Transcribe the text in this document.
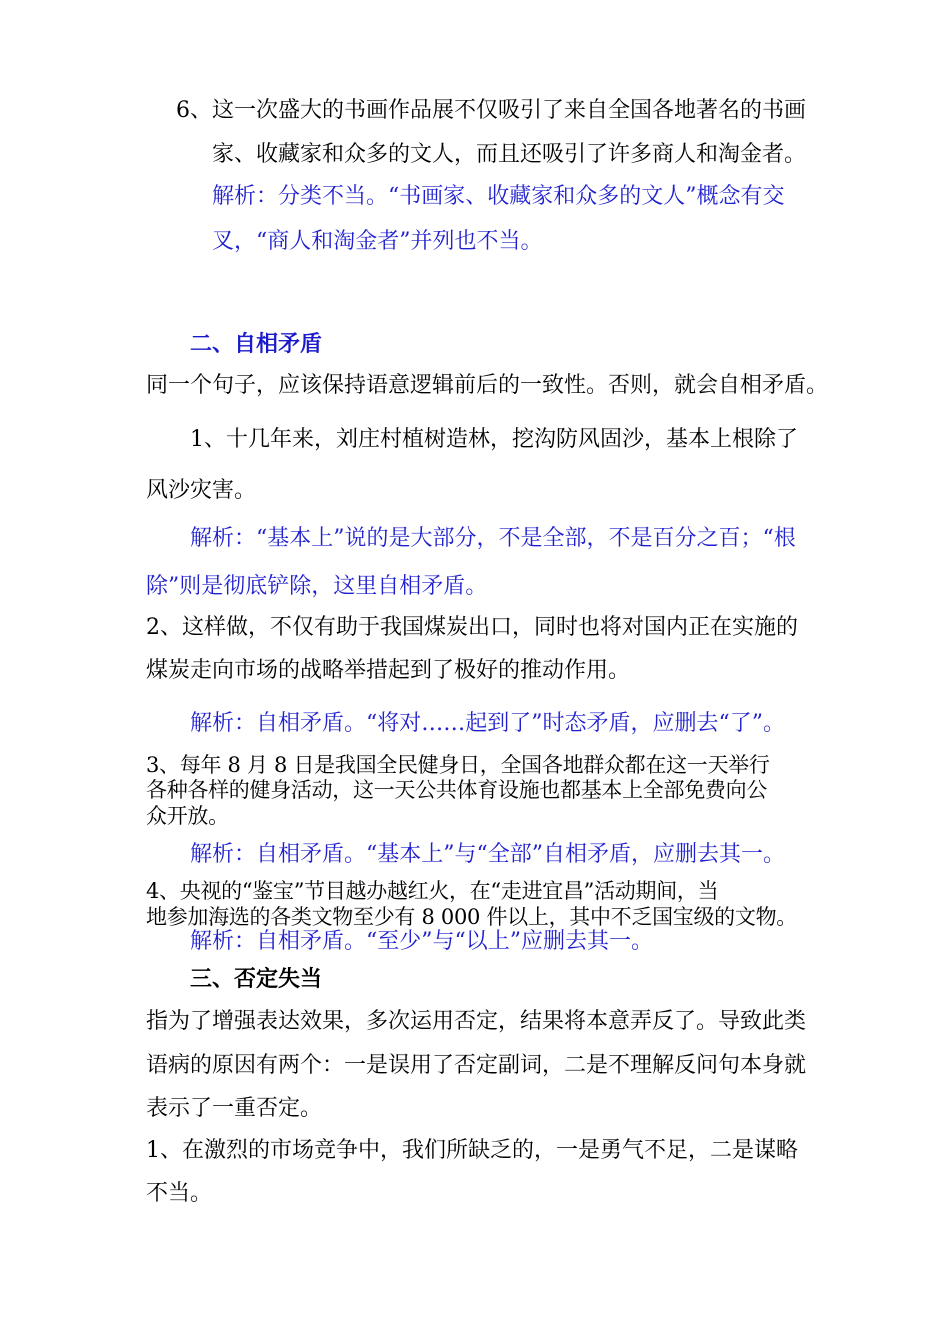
6、这一次盛大的书画作品展不仅吸引了来自全国各地著名的书画
家、收藏家和众多的文人，而且还吸引了许多商人和淘金者。
解析：分类不当。“书画家、收藏家和众多的文人”概念有交
叉，“商人和淘金者”并列也不当。
二、自相矛盾
同一个句子，应该保持语意逻辑前后的一致性。否则，就会自相矛盾。
1、十几年来，刘庄村植树造林，挖沟防风固沙，基本上根除了
风沙灾害。
解析：“基本上”说的是大部分，不是全部，不是百分之百；“根
除”则是彻底铲除，这里自相矛盾。
2、这样做，不仅有助于我国煤炭出口，同时也将对国内正在实施的
煤炭走向市场的战略举措起到了极好的推动作用。
解析：自相矛盾。“将对……起到了”时态矛盾，应删去“了”。
3、每年 8 月 8 日是我国全民健身日，全国各地群众都在这一天举行
各种各样的健身活动，这一天公共体育设施也都基本上全部免费向公
众开放。
解析：自相矛盾。“基本上”与“全部”自相矛盾，应删去其一。
4、央视的“鉴宝”节目越办越红火，在“走进宜昌”活动期间，当
地参加海选的各类文物至少有 8 000 件以上，其中不乏国宝级的文物。
解析：自相矛盾。“至少”与“以上”应删去其一。
三、否定失当
指为了增强表达效果，多次运用否定，结果将本意弄反了。导致此类
语病的原因有两个：一是误用了否定副词，二是不理解反问句本身就
表示了一重否定。
1、在激烈的市场竞争中，我们所缺乏的，一是勇气不足，二是谋略
不当。
